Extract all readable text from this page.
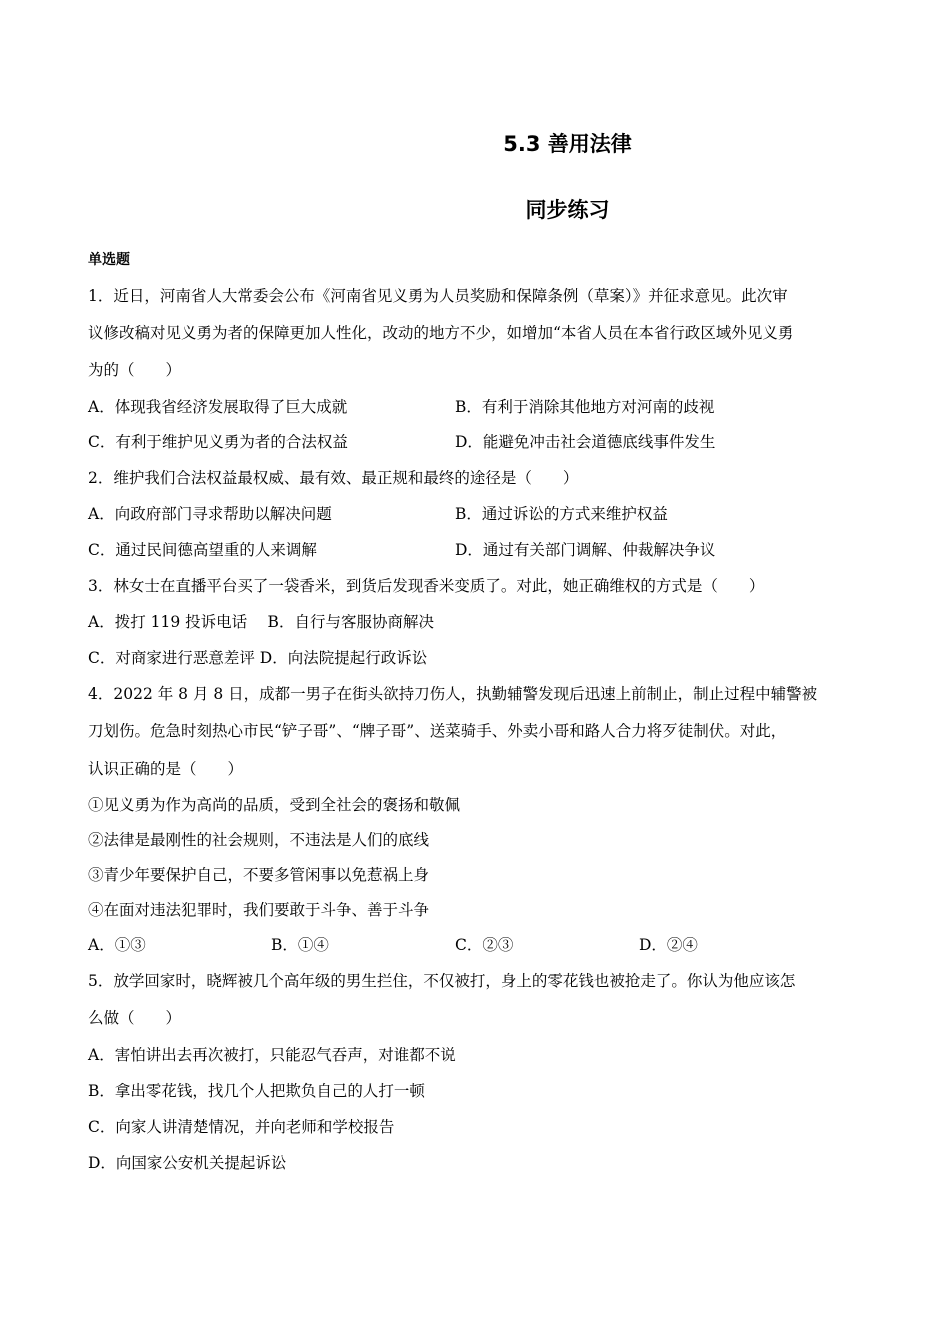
5.3 善用法律
同步练习
单选题
1．近日，河南省人大常委会公布《河南省见义勇为人员奖励和保障条例（草案）》并征求意见。此次审
议修改稿对见义勇为者的保障更加人性化，改动的地方不少，如增加“本省人员在本省行政区域外见义勇
为的（　　）
A．体现我省经济发展取得了巨大成就	B．有利于消除其他地方对河南的歧视
C．有利于维护见义勇为者的合法权益	D．能避免冲击社会道德底线事件发生
2．维护我们合法权益最权威、最有效、最正规和最终的途径是（　　）
A．向政府部门寻求帮助以解决问题	B．通过诉讼的方式来维护权益
C．通过民间德高望重的人来调解	D．通过有关部门调解、仲裁解决争议
3．林女士在直播平台买了一袋香米，到货后发现香米变质了。对此，她正确维权的方式是（　　）
A．拨打 119 投诉电话　 B．自行与客服协商解决
C．对商家进行恶意差评 D．向法院提起行政诉讼
4．2022 年 8 月 8 日，成都一男子在街头欲持刀伤人，执勤辅警发现后迅速上前制止，制止过程中辅警被
刀划伤。危急时刻热心市民“铲子哥”、“牌子哥”、送菜骑手、外卖小哥和路人合力将歹徒制伏。对此，
认识正确的是（　　）
①见义勇为作为高尚的品质，受到全社会的褒扬和敬佩
②法律是最刚性的社会规则，不违法是人们的底线
③青少年要保护自己，不要多管闲事以免惹祸上身
④在面对违法犯罪时，我们要敢于斗争、善于斗争
A．①③	B．①④	C．②③	D．②④
5．放学回家时，晓辉被几个高年级的男生拦住，不仅被打，身上的零花钱也被抢走了。你认为他应该怎
么做（　　）
A．害怕讲出去再次被打，只能忍气吞声，对谁都不说
B．拿出零花钱，找几个人把欺负自己的人打一顿
C．向家人讲清楚情况，并向老师和学校报告
D．向国家公安机关提起诉讼
